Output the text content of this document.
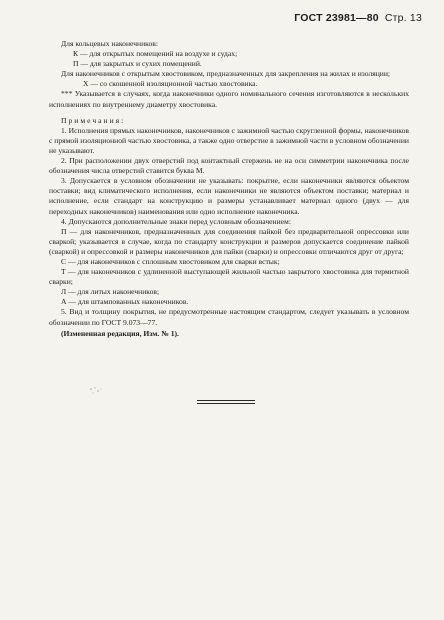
ГОСТ 23981—80 Стр. 13

Для кольцевых наконечников:

К — для открытых помещений на воздухе и судах;

П — для закрытых и сухих помещений.

Для наконечников с открытым хвостовиком, предназначенных для закрепления на жилах и изоляции;

Х — со скошенной изоляционной частью хвостовика.

*** Указывается в случаях, когда наконечники одного номинального сечения изготовляются в нескольких исполнениях по внутреннему диаметру хвостовика.

Примечания:

1. Исполнения прямых наконечников, наконечников с зажимной частью скругленной формы, наконечников с прямой изоляционной частью хвостовика, а также одно отверстие в зажимной части в условном обозначении не указывают.

2. При расположении двух отверстий под контактный стержень не на оси симметрии наконечника после обозначения числа отверстий ставится буква М.

3. Допускается в условном обозначении не указывать: покрытие, если наконечники являются объектом поставки; вид климатического исполнения, если наконечники не являются объектом поставки; материал и исполнение, если стандарт на конструкцию и размеры устанавливает материал одного (двух — для переходных наконечников) наименования или одно исполнение наконечника.

4. Допускаются дополнительные знаки перед условным обозначением:

П — для наконечников, предназначенных для соединения пайкой без предварительной опрессовки или сваркой; указывается в случае, когда по стандарту конструкции и размеров допускается соединение пайкой (сваркой) и опрессовкой и размеры наконечников для пайки (сварки) и опрессовки отличаются друг от друга;

С — для наконечников с сплошным хвостовиком для сварки встык;

Т — для наконечников с удлиненной выступающей жильной частью закрытого хвостовика для термитной сварки;

Л — для литых наконечников;

А — для штампованных наконечников.

5. Вид и толщину покрытия, не предусмотренные настоящим стандартом, следует указывать в условном обозначении по ГОСТ 9.073—77.

(Измененная редакция, Изм. № 1).
